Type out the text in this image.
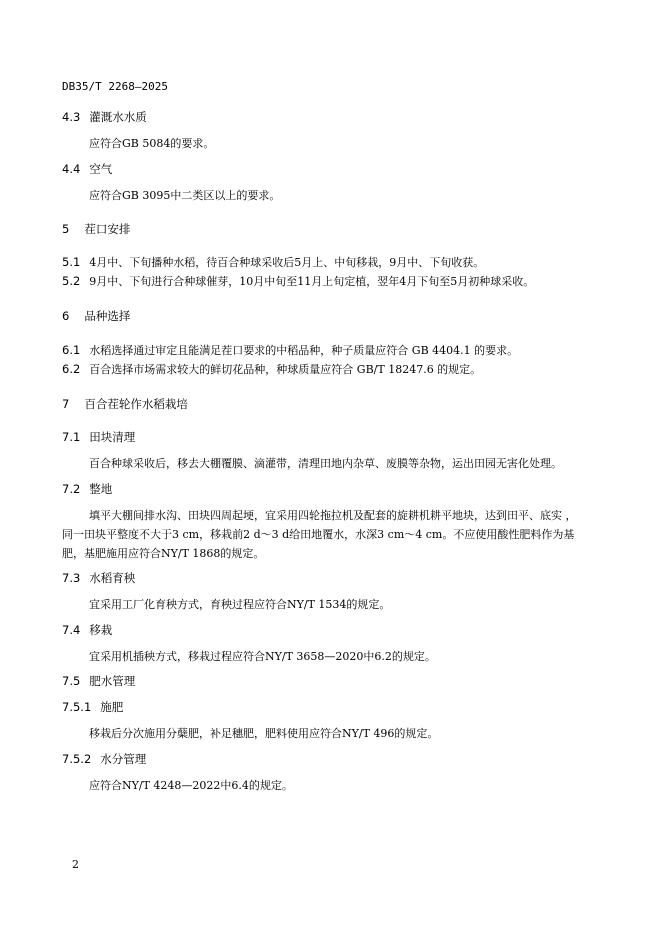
DB35/T 2268—2025
4.3 灌溉水水质
应符合GB 5084的要求。
4.4 空气
应符合GB 3095中二类区以上的要求。
5 茬口安排
5.1 4月中、下旬播种水稻，待百合种球采收后5月上、中旬移栽，9月中、下旬收获。
5.2 9月中、下旬进行合种球催芽，10月中旬至11月上旬定植，翌年4月下旬至5月初种球采收。
6 品种选择
6.1 水稻选择通过审定且能满足茬口要求的中稻品种，种子质量应符合 GB 4404.1 的要求。
6.2 百合选择市场需求较大的鲜切花品种，种球质量应符合 GB/T 18247.6 的规定。
7 百合茬轮作水稻栽培
7.1 田块清理
百合种球采收后，移去大棚覆膜、滴灌带，清理田地内杂草、废膜等杂物，运出田园无害化处理。
7.2 整地
填平大棚间排水沟、田块四周起埂，宜采用四轮拖拉机及配套的旋耕机耕平地块，达到田平、底实 ，
同一田块平整度不大于3 cm，移栽前2 d～3 d给田地覆水，水深3 cm～4 cm。不应使用酸性肥料作为基
肥，基肥施用应符合NY/T 1868的规定。
7.3 水稻育秧
宜采用工厂化育秧方式，育秧过程应符合NY/T 1534的规定。
7.4 移栽
宜采用机插秧方式，移栽过程应符合NY/T 3658—2020中6.2的规定。
7.5 肥水管理
7.5.1 施肥
移栽后分次施用分蘖肥，补足穗肥，肥料使用应符合NY/T 496的规定。
7.5.2 水分管理
应符合NY/T 4248—2022中6.4的规定。
2
